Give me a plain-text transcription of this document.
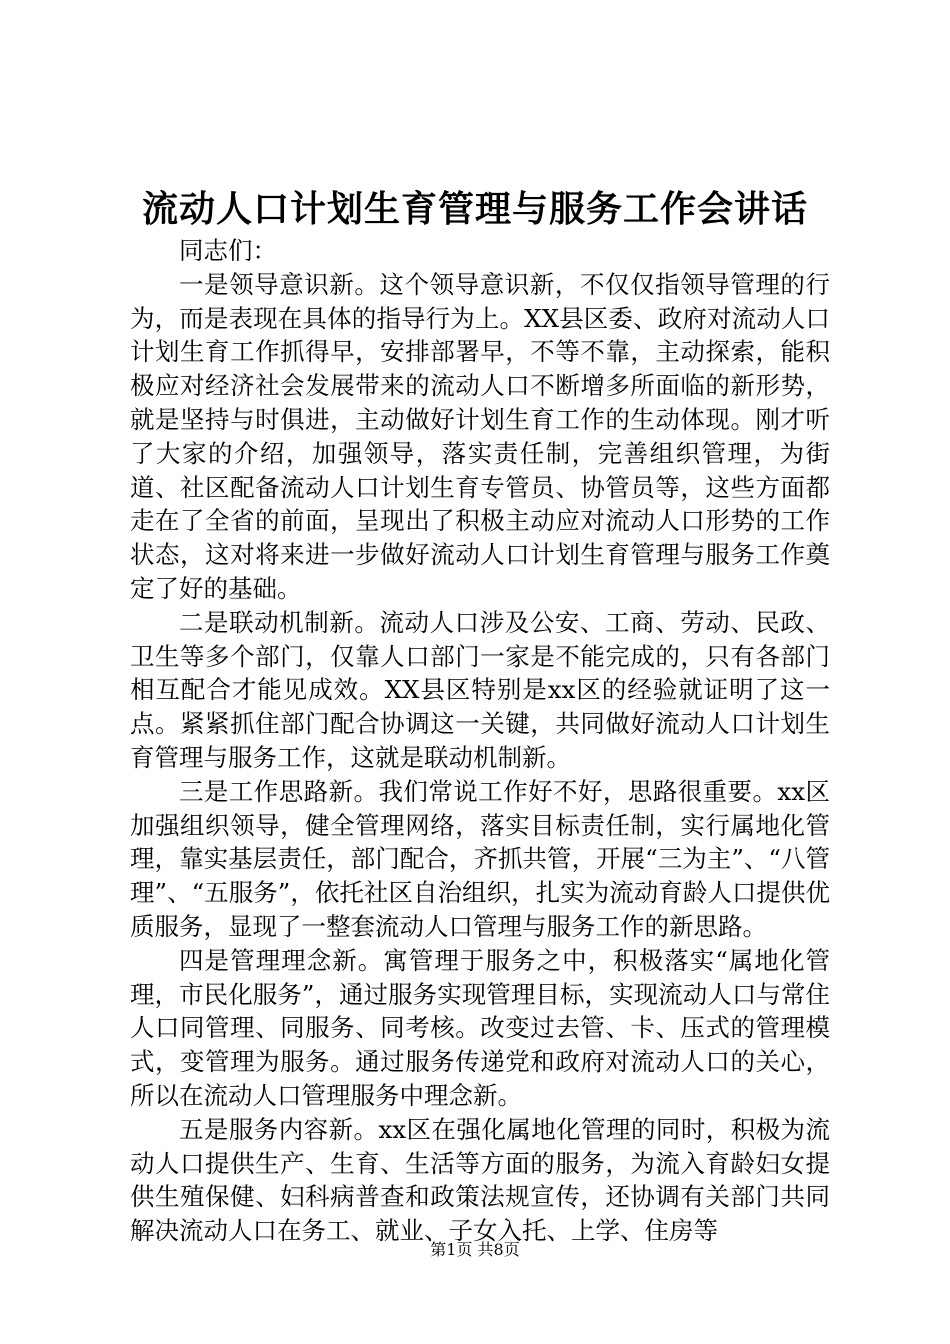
流动人口计划生育管理与服务工作会讲话

同志们：

一是领导意识新。这个领导意识新，不仅仅指领导管理的行为，而是表现在具体的指导行为上。XX县区委、政府对流动人口计划生育工作抓得早，安排部署早，不等不靠，主动探索，能积极应对经济社会发展带来的流动人口不断增多所面临的新形势，就是坚持与时俱进，主动做好计划生育工作的生动体现。刚才听了大家的介绍，加强领导，落实责任制，完善组织管理，为街道、社区配备流动人口计划生育专管员、协管员等，这些方面都走在了全省的前面，呈现出了积极主动应对流动人口形势的工作状态，这对将来进一步做好流动人口计划生育管理与服务工作奠定了好的基础。

二是联动机制新。流动人口涉及公安、工商、劳动、民政、卫生等多个部门，仅靠人口部门一家是不能完成的，只有各部门相互配合才能见成效。XX县区特别是xx区的经验就证明了这一点。紧紧抓住部门配合协调这一关键，共同做好流动人口计划生育管理与服务工作，这就是联动机制新。

三是工作思路新。我们常说工作好不好，思路很重要。xx区加强组织领导，健全管理网络，落实目标责任制，实行属地化管理，靠实基层责任，部门配合，齐抓共管，开展“三为主”、“八管理”、“五服务”，依托社区自治组织，扎实为流动育龄人口提供优质服务，显现了一整套流动人口管理与服务工作的新思路。

四是管理理念新。寓管理于服务之中，积极落实“属地化管理，市民化服务”，通过服务实现管理目标，实现流动人口与常住人口同管理、同服务、同考核。改变过去管、卡、压式的管理模式，变管理为服务。通过服务传递党和政府对流动人口的关心，所以在流动人口管理服务中理念新。

五是服务内容新。xx区在强化属地化管理的同时，积极为流动人口提供生产、生育、生活等方面的服务，为流入育龄妇女提供生殖保健、妇科病普查和政策法规宣传，还协调有关部门共同解决流动人口在务工、就业、子女入托、上学、住房等

第1页 共8页
